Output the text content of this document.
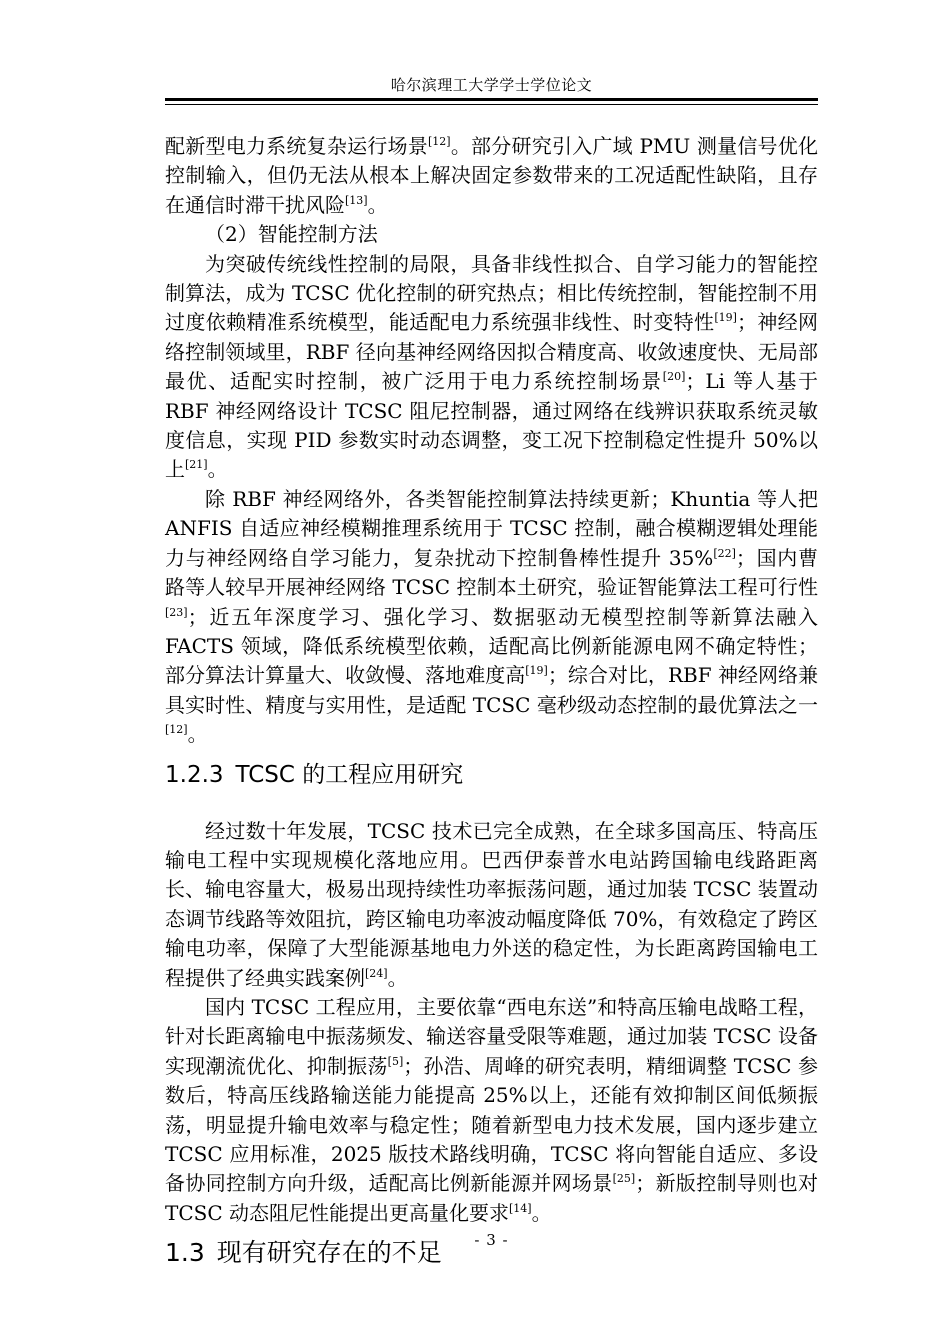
哈尔滨理工大学学士学位论文

配新型电力系统复杂运行场景[12]。部分研究引入广域 PMU 测量信号优化控制输入，但仍无法从根本上解决固定参数带来的工况适配性缺陷，且存在通信时滞干扰风险[13]。

（2）智能控制方法

为突破传统线性控制的局限，具备非线性拟合、自学习能力的智能控制算法，成为 TCSC 优化控制的研究热点；相比传统控制，智能控制不用过度依赖精准系统模型，能适配电力系统强非线性、时变特性[19]；神经网络控制领域里，RBF 径向基神经网络因拟合精度高、收敛速度快、无局部最优、适配实时控制，被广泛用于电力系统控制场景[20]；Li 等人基于 RBF 神经网络设计 TCSC 阻尼控制器，通过网络在线辨识获取系统灵敏度信息，实现 PID 参数实时动态调整，变工况下控制稳定性提升 50%以上[21]。

除 RBF 神经网络外，各类智能控制算法持续更新；Khuntia 等人把 ANFIS 自适应神经模糊推理系统用于 TCSC 控制，融合模糊逻辑处理能力与神经网络自学习能力，复杂扰动下控制鲁棒性提升 35%[22]；国内曹路等人较早开展神经网络 TCSC 控制本土研究，验证智能算法工程可行性[23]；近五年深度学习、强化学习、数据驱动无模型控制等新算法融入 FACTS 领域，降低系统模型依赖，适配高比例新能源电网不确定特性；部分算法计算量大、收敛慢、落地难度高[19]；综合对比，RBF 神经网络兼具实时性、精度与实用性，是适配 TCSC 毫秒级动态控制的最优算法之一[12]。

1.2.3 TCSC 的工程应用研究

经过数十年发展，TCSC 技术已完全成熟，在全球多国高压、特高压输电工程中实现规模化落地应用。巴西伊泰普水电站跨国输电线路距离长、输电容量大，极易出现持续性功率振荡问题，通过加装 TCSC 装置动态调节线路等效阻抗，跨区输电功率波动幅度降低 70%，有效稳定了跨区输电功率，保障了大型能源基地电力外送的稳定性，为长距离跨国输电工程提供了经典实践案例[24]。

国内 TCSC 工程应用，主要依靠“西电东送”和特高压输电战略工程，针对长距离输电中振荡频发、输送容量受限等难题，通过加装 TCSC 设备实现潮流优化、抑制振荡[5]；孙浩、周峰的研究表明，精细调整 TCSC 参数后，特高压线路输送能力能提高 25%以上，还能有效抑制区间低频振荡，明显提升输电效率与稳定性；随着新型电力技术发展，国内逐步建立 TCSC 应用标准，2025 版技术路线明确，TCSC 将向智能自适应、多设备协同控制方向升级，适配高比例新能源并网场景[25]；新版控制导则也对 TCSC 动态阻尼性能提出更高量化要求[14]。

1.3 现有研究存在的不足	- 3 -
